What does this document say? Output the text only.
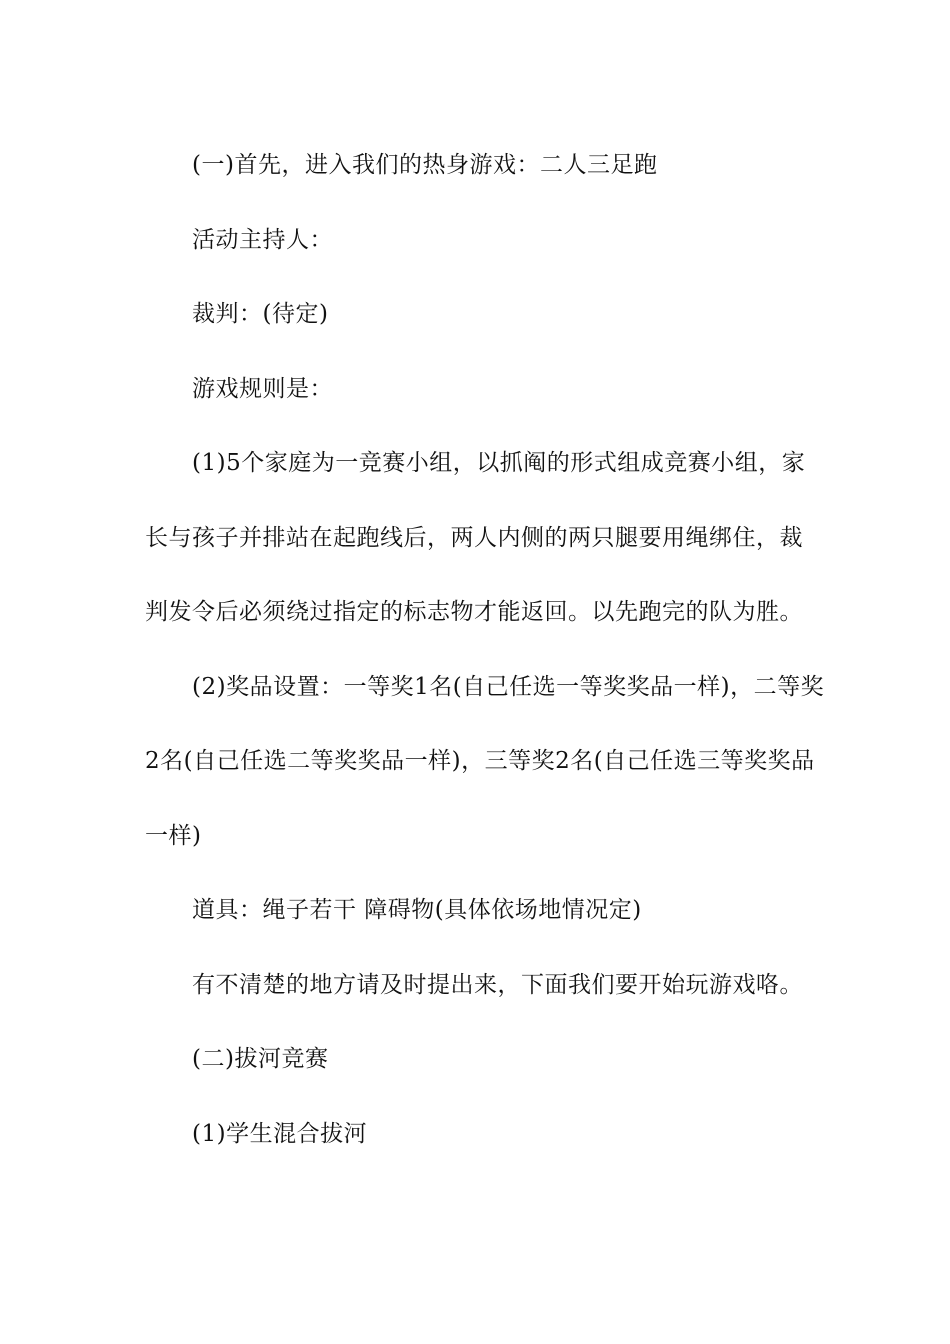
(一)首先，进入我们的热身游戏：二人三足跑

活动主持人：

裁判：(待定)

游戏规则是：

(1)5个家庭为一竞赛小组，以抓阄的形式组成竞赛小组，家长与孩子并排站在起跑线后，两人内侧的两只腿要用绳绑住，裁判发令后必须绕过指定的标志物才能返回。以先跑完的队为胜。

(2)奖品设置：一等奖1名(自己任选一等奖奖品一样)，二等奖2名(自己任选二等奖奖品一样)，三等奖2名(自己任选三等奖奖品一样)

道具：绳子若干 障碍物(具体依场地情况定)

有不清楚的地方请及时提出来，下面我们要开始玩游戏咯。

(二)拔河竞赛

(1)学生混合拔河
